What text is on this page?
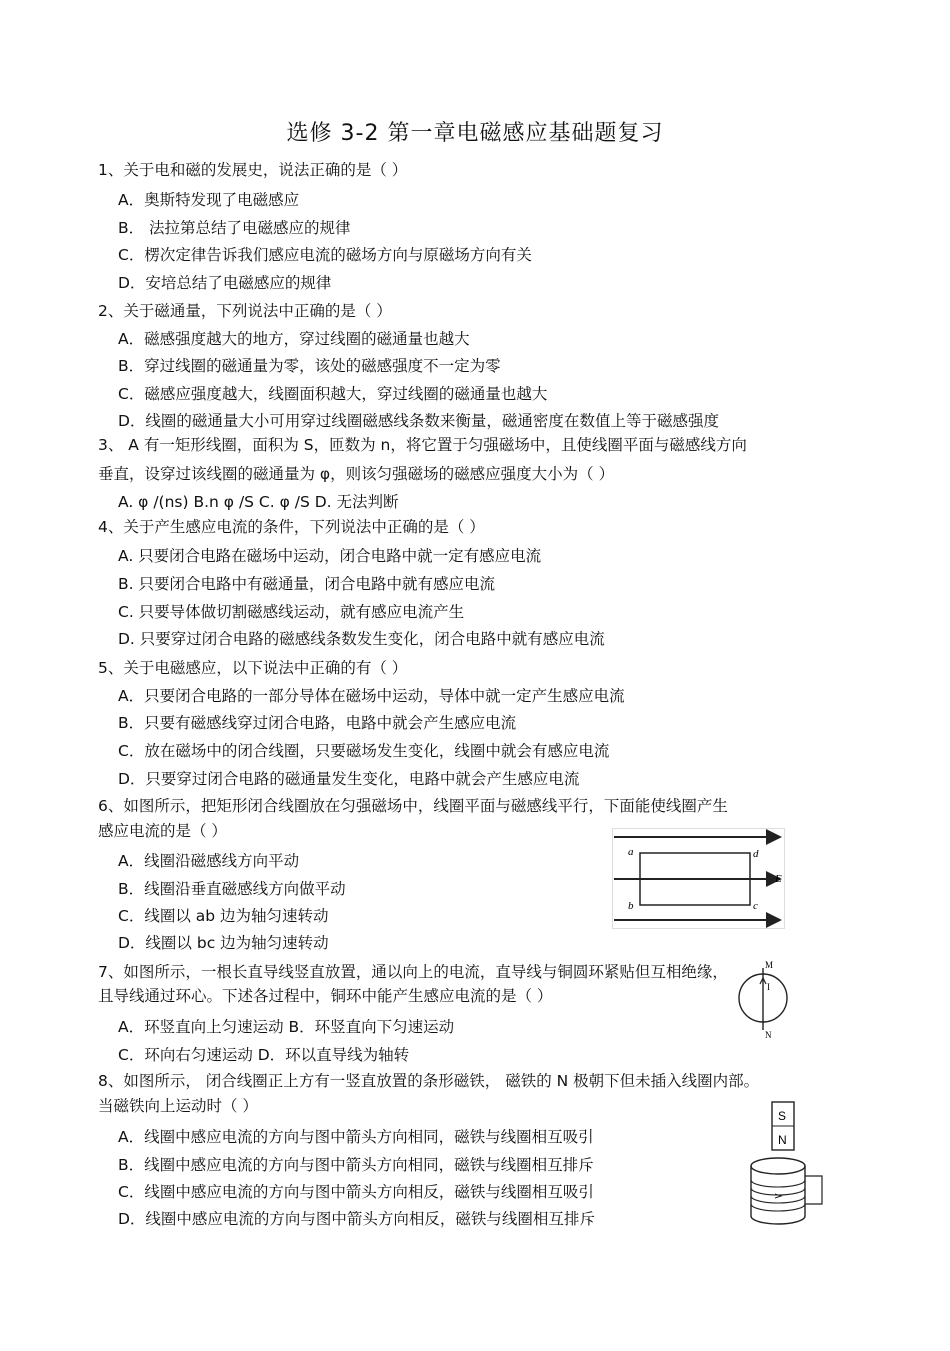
选修 3-2 第一章电磁感应基础题复习
1、关于电和磁的发展史，说法正确的是（ ）
A．奥斯特发现了电磁感应
B． 法拉第总结了电磁感应的规律
C．楞次定律告诉我们感应电流的磁场方向与原磁场方向有关
D．安培总结了电磁感应的规律
2、关于磁通量，下列说法中正确的是（ ）
A．磁感强度越大的地方，穿过线圈的磁通量也越大
B．穿过线圈的磁通量为零，该处的磁感强度不一定为零
C．磁感应强度越大，线圈面积越大，穿过线圈的磁通量也越大
D．线圈的磁通量大小可用穿过线圈磁感线条数来衡量，磁通密度在数值上等于磁感强度
3、 A 有一矩形线圈，面积为 S，匝数为 n，将它置于匀强磁场中，且使线圈平面与磁感线方向
垂直，设穿过该线圈的磁通量为 φ，则该匀强磁场的磁感应强度大小为（ ）
A. φ /(ns) B.n φ /S C. φ /S D. 无法判断
4、关于产生感应电流的条件，下列说法中正确的是（ ）
A. 只要闭合电路在磁场中运动，闭合电路中就一定有感应电流
B. 只要闭合电路中有磁通量，闭合电路中就有感应电流
C. 只要导体做切割磁感线运动，就有感应电流产生
D. 只要穿过闭合电路的磁感线条数发生变化，闭合电路中就有感应电流
5、关于电磁感应，以下说法中正确的有（ ）
A．只要闭合电路的一部分导体在磁场中运动，导体中就一定产生感应电流
B．只要有磁感线穿过闭合电路，电路中就会产生感应电流
C．放在磁场中的闭合线圈，只要磁场发生变化，线圈中就会有感应电流
D．只要穿过闭合电路的磁通量发生变化，电路中就会产生感应电流
6、如图所示，把矩形闭合线圈放在匀强磁场中，线圈平面与磁感线平行，下面能使线圈产生
感应电流的是（ ）
A．线圈沿磁感线方向平动
B．线圈沿垂直磁感线方向做平动
C．线圈以 ab 边为轴匀速转动
D．线圈以 bc 边为轴匀速转动
a	d
b	c
E
7、如图所示，一根长直导线竖直放置，通以向上的电流，直导线与铜圆环紧贴但互相绝缘，
且导线通过环心。下述各过程中，铜环中能产生感应电流的是（ ）
A．环竖直向上匀速运动 B．环竖直向下匀速运动
C．环向右匀速运动 D．环以直导线为轴转
M
I
N
8、如图所示， 闭合线圈正上方有一竖直放置的条形磁铁， 磁铁的 N 极朝下但未插入线圈内部。
当磁铁向上运动时（ ）
A．线圈中感应电流的方向与图中箭头方向相同，磁铁与线圈相互吸引
B．线圈中感应电流的方向与图中箭头方向相同，磁铁与线圈相互排斥
C．线圈中感应电流的方向与图中箭头方向相反，磁铁与线圈相互吸引
D．线圈中感应电流的方向与图中箭头方向相反，磁铁与线圈相互排斥
S
N
